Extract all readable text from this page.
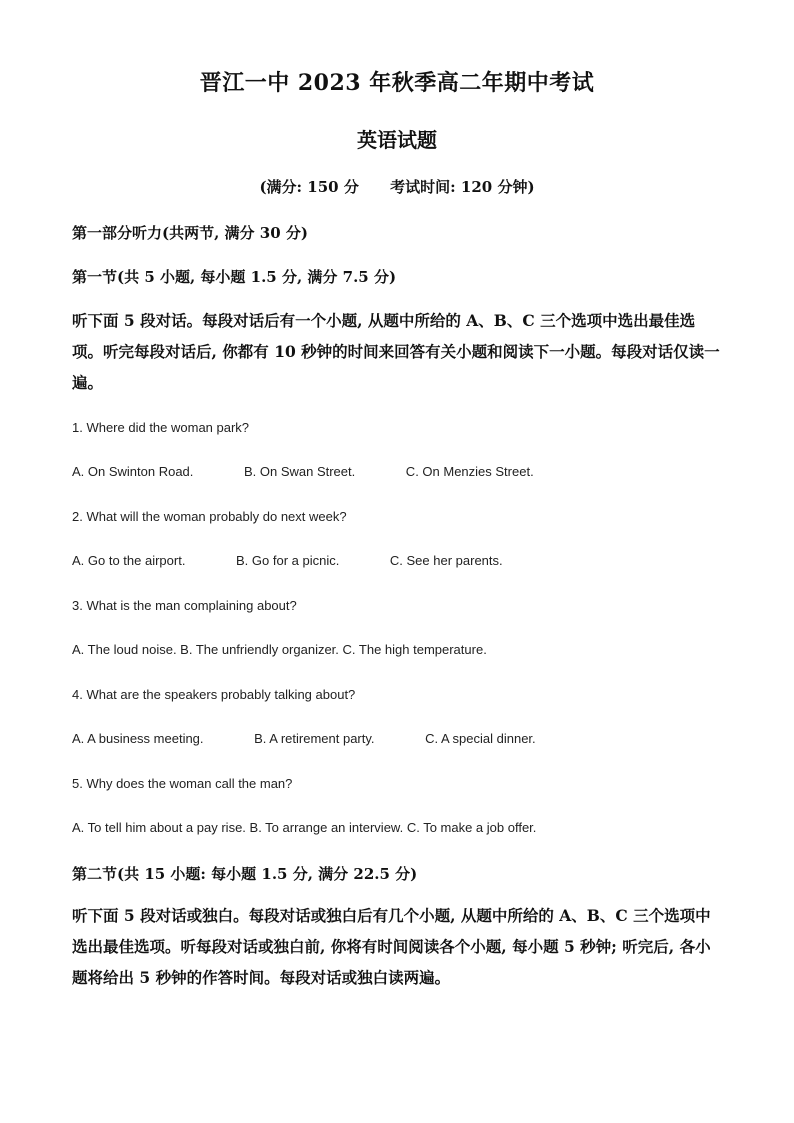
晋江一中 2023 年秋季高二年期中考试
英语试题
(满分: 150 分      考试时间: 120 分钟)
第一部分听力(共两节, 满分 30 分)
第一节(共 5 小题, 每小题 1.5 分, 满分 7.5 分)
听下面 5 段对话。每段对话后有一个小题, 从题中所给的 A、B、C 三个选项中选出最佳选项。听完每段对话后, 你都有 10 秒钟的时间来回答有关小题和阅读下一小题。每段对话仅读一遍。
1. Where did the woman park?
A. On Swinton Road.              B. On Swan Street.              C. On Menzies Street.
2. What will the woman probably do next week?
A. Go to the airport.              B. Go for a picnic.              C. See her parents.
3. What is the man complaining about?
A. The loud noise. B. The unfriendly organizer. C. The high temperature.
4. What are the speakers probably talking about?
A. A business meeting.              B. A retirement party.              C. A special dinner.
5. Why does the woman call the man?
A. To tell him about a pay rise. B. To arrange an interview. C. To make a job offer.
第二节(共 15 小题: 每小题 1.5 分, 满分 22.5 分)
听下面 5 段对话或独白。每段对话或独白后有几个小题, 从题中所给的 A、B、C 三个选项中选出最佳选项。听每段对话或独白前, 你将有时间阅读各个小题, 每小题 5 秒钟; 听完后, 各小题将给出 5 秒钟的作答时间。每段对话或独白读两遍。
